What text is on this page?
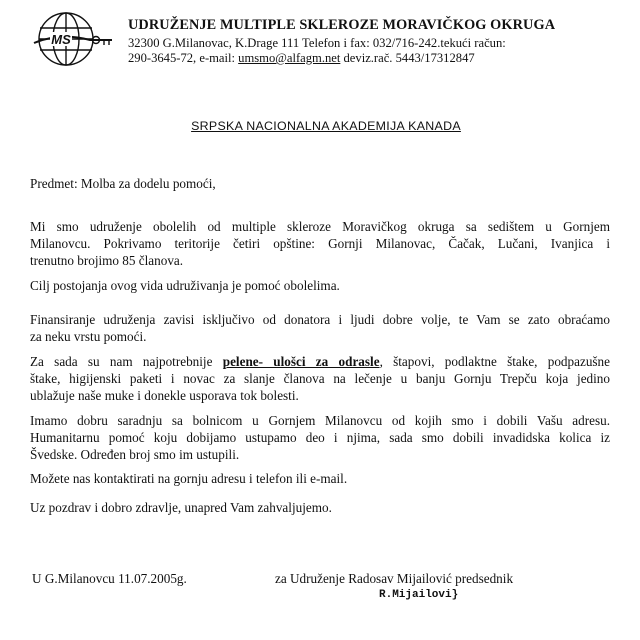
MS
UDRUŽENJE MULTIPLE SKLEROZE MORAVIČKOG OKRUGA
32300 G.Milanovac, K.Drage 111 Telefon i fax: 032/716-242.tekući račun:
290-3645-72, e-mail: umsmo@alfagm.net deviz.rač. 5443/17312847
SRPSKA NACIONALNA AKADEMIJA KANADA
Predmet: Molba za dodelu pomoći,
Mi smo udruženje obolelih od multiple skleroze Moravičkog okruga sa sedištem u Gornjem
Milanovcu. Pokrivamo teritorije četiri opštine: Gornji Milanovac, Čačak, Lučani, Ivanjica i
trenutno brojimo 85 članova.
Cilj postojanja ovog vida udruživanja je pomoć obolelima.
Finansiranje udruženja zavisi isključivo od donatora i ljudi dobre volje, te Vam se zato obraćamo
za neku vrstu pomoći.
Za sada su nam najpotrebnije pelene- ulošci za odrasle, štapovi, podlaktne štake, podpazušne
štake, higijenski paketi i novac za slanje članova na lečenje u banju Gornju Trepču koja jedino
ublažuje naše muke i donekle usporava tok bolesti.
Imamo dobru saradnju sa bolnicom u Gornjem Milanovcu od kojih smo i dobili Vašu adresu.
Humanitarnu pomoć koju dobijamo ustupamo deo i njima, sada smo dobili invadidska kolica iz
Švedske. Određen broj smo im ustupili.
Možete nas kontaktirati na gornju adresu i telefon ili e-mail.
Uz pozdrav i dobro zdravlje, unapred Vam zahvaljujemo.
U G.Milanovcu 11.07.2005g.	za Udruženje Radosav Mijailović predsednik
R.Mijailovi}
